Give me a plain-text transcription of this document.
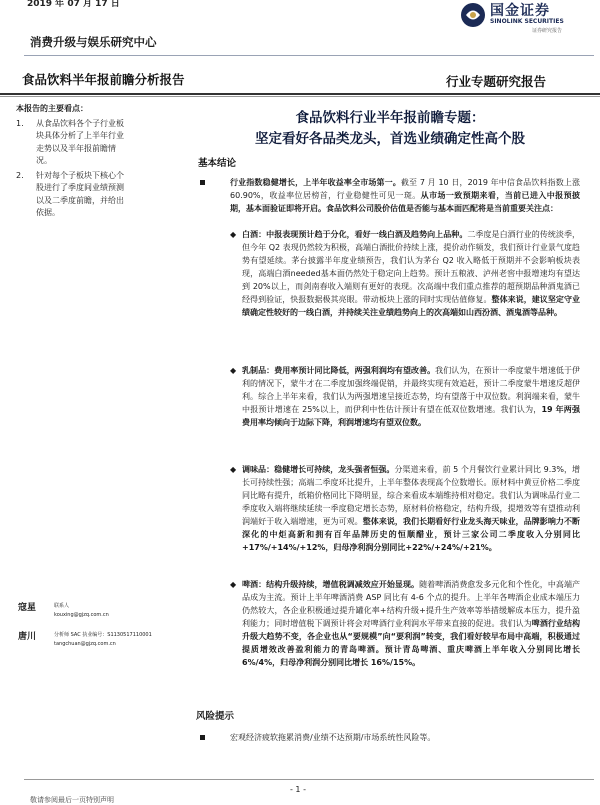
2019 年 07 月 17 日	国金证券
SINOLINK SECURITIES
证券研究报告
消费升级与娱乐研究中心
食品饮料半年报前瞻分析报告	行业专题研究报告
本报告的主要看点：
1.	从食品饮料各个子行业板块具体分析了上半年行业走势以及半年报前瞻情况。
2.	针对每个子板块下核心个股进行了季度间业绩预测以及二季度前瞻，并给出依据。
食品饮料行业半年报前瞻专题：
坚定看好各品类龙头，首选业绩确定性高个股
基本结论
行业指数稳健增长，上半年收益率全市场第一。截至 7 月 10 日，2019 年中信食品饮料指数上涨 60.90%，收益率位居榜首，行业稳健性可见一斑。从市场一致预期来看，当前已进入中报预披期，基本面验证即将开启。食品饮料公司股价估值是否能与基本面匹配将是当前重要关注点：
◆ 白酒：中报表现预计趋于分化，看好一线白酒及趋势向上品种。二季度是白酒行业的传统淡季，但今年 Q2 表现仍然较为积极，高端白酒批价持续上涨，提价动作频发，我们预计行业景气度趋势有望延续。茅台披露半年度业绩预告，我们认为茅台 Q2 收入略低于预期并不会影响板块表现，高端白酒needed基本面仍然处于稳定向上趋势。预计五粮液、泸州老窖中报增速均有望达到 20%以上，而剑南春收入端则有更好的表现。次高端中我们重点推荐的超预期品种酒鬼酒已经得到验证，快报数据极其亮眼。带动板块上涨的同时实现估值修复。整体来说，建议坚定守业绩确定性较好的一线白酒，并持续关注业绩趋势向上的次高端如山西汾酒、酒鬼酒等品种。
◆ 乳制品：费用率预计同比降低，两强利润均有望改善。我们认为，在预计一季度蒙牛增速低于伊利的情况下，蒙牛才在二季度加强终端促销，并最终实现有效追赶，预计二季度蒙牛增速反超伊利。综合上半年来看，我们认为两强增速呈接近态势，均有望落于中双位数。利润端来看，蒙牛中报预计增速在 25%以上，而伊利中性估计预计有望在低双位数增速。我们认为，19 年两强费用率均倾向于边际下降，利润增速均有望双位数。
◆ 调味品：稳健增长可持续，龙头强者恒强。分渠道来看，前 5 个月餐饮行业累计同比 9.3%，增长可持续性强；高端二季度环比提升，上半年整体表现高个位数增长。原材料中黄豆价格二季度同比略有提升，纸箱价格同比下降明显，综合来看成本端维持相对稳定。我们认为调味品行业二季度收入端将继续延续一季度稳定增长态势，原材料价格稳定，结构升级，提增效等有望推动利润端好于收入端增速，更为可观。整体来说，我们长期看好行业龙头海天味业，品牌影响力不断深化的中炬高新和拥有百年品牌历史的恒顺醋业，预计三家公司二季度收入分别同比+17%/+14%/+12%，归母净利润分别同比+22%/+24%/+21%。
◆ 啤酒：结构升级持续，增值税调减效应开始显现。随着啤酒消费愈发多元化和个性化，中高端产品成为主流。预计上半年啤酒消费 ASP 同比有 4-6 个点的提升。上半年各啤酒企业成本端压力仍然较大，各企业积极通过提升罐化率+结构升级+提升生产效率等举措缓解成本压力，提升盈利能力；同时增值税下调预计将会对啤酒行业利润水平带来直接的促进。我们认为啤酒行业结构升级大趋势不变，各企业也从“要规模”向“要利润”转变，我们看好较早布局中高端，积极通过提质增效改善盈利能力的青岛啤酒。预计青岛啤酒、重庆啤酒上半年收入分别同比增长 6%/4%，归母净利润分别同比增长 16%/15%。
寇星	联系人
kouxing@gjzq.com.cn
唐川	分析师 SAC 执业编号：S1130517110001
tangchuan@gjzq.com.cn
风险提示
宏观经济疲软拖累消费/业绩不达预期/市场系统性风险等。
- 1 -
敬请参阅最后一页特别声明
